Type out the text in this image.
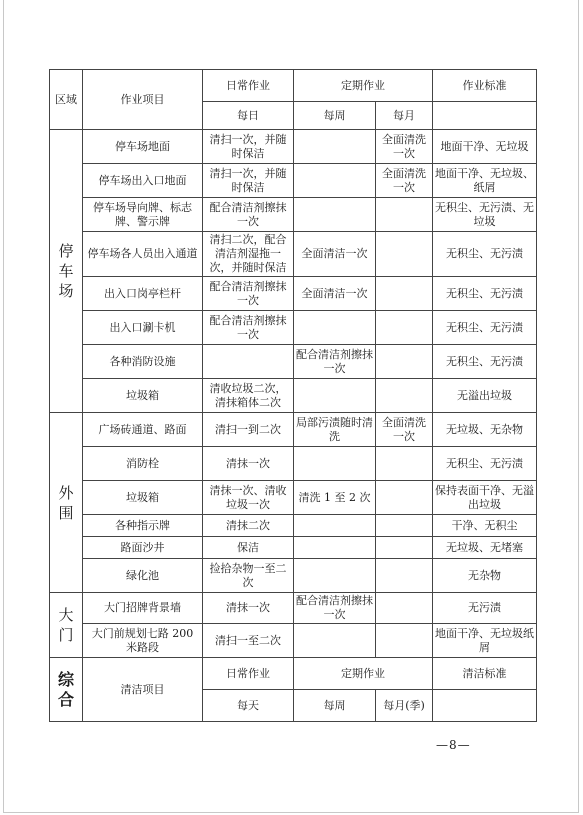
区域	作业项目	日常作业	定期作业		作业标准
		每日	每周	每月	
停车场	停车场地面	清扫一次，并随时保洁		全面清洗一次	地面干净、无垃圾
	停车场出入口地面	清扫一次，并随时保洁		全面清洗一次	地面干净、无垃圾、纸屑
	停车场导向牌、标志牌、警示牌	配合清洁剂擦抹一次			无积尘、无污渍、无垃圾
	停车场各人员出入通道	清扫二次，配合清洁剂湿拖一次，并随时保洁	全面清洁一次		无积尘、无污渍
	出入口岗亭栏杆	配合清洁剂擦抹一次	全面清洁一次		无积尘、无污渍
	出入口涮卡机	配合清洁剂擦抹一次			无积尘、无污渍
	各种消防设施		配合清洁剂擦抹一次		无积尘、无污渍
	垃圾箱	清收垃圾二次，清抹箱体二次			无溢出垃圾
外围	广场砖通道、路面	清扫一到二次	局部污渍随时清洗	全面清洗一次	无垃圾、无杂物
	消防栓	清抹一次			无积尘、无污渍
	垃圾箱	清抹一次、清收垃圾一次	清洗 1 至 2 次		保持表面干净、无溢出垃圾
	各种指示牌	清抹二次			干净、无积尘
	路面沙井	保洁			无垃圾、无堵塞
	绿化池	捡拾杂物一至二次			无杂物
大门	大门招牌背景墙	清抹一次	配合清洁剂擦抹一次		无污渍
	大门前规划七路 200 米路段	清扫一至二次			地面干净、无垃圾纸屑
综合	清洁项目	日常作业	定期作业		清洁标准
		每天	每周	每月(季)	
—8—
